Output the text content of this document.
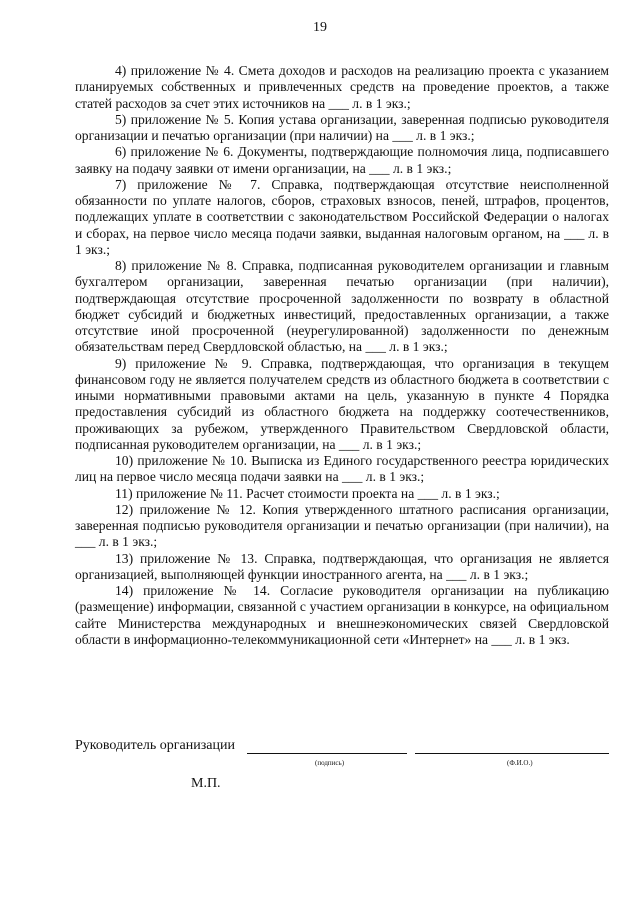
19

4) приложение № 4. Смета доходов и расходов на реализацию проекта с указанием планируемых собственных и привлеченных средств на проведение проектов, а также статей расходов за счет этих источников на ___ л. в 1 экз.;

5) приложение № 5. Копия устава организации, заверенная подписью руководителя организации и печатью организации (при наличии) на ___ л. в 1 экз.;

6) приложение № 6. Документы, подтверждающие полномочия лица, подписавшего заявку на подачу заявки от имени организации, на ___ л. в 1 экз.;

7) приложение № 7. Справка, подтверждающая отсутствие неисполненной обязанности по уплате налогов, сборов, страховых взносов, пеней, штрафов, процентов, подлежащих уплате в соответствии с законодательством Российской Федерации о налогах и сборах, на первое число месяца подачи заявки, выданная налоговым органом, на ___ л. в 1 экз.;

8) приложение № 8. Справка, подписанная руководителем организации и главным бухгалтером организации, заверенная печатью организации (при наличии), подтверждающая отсутствие просроченной задолженности по возврату в областной бюджет субсидий и бюджетных инвестиций, предоставленных организации, а также отсутствие иной просроченной (неурегулированной) задолженности по денежным обязательствам перед Свердловской областью, на ___ л. в 1 экз.;

9) приложение № 9. Справка, подтверждающая, что организация в текущем финансовом году не является получателем средств из областного бюджета в соответствии с иными нормативными правовыми актами на цель, указанную в пункте 4 Порядка предоставления субсидий из областного бюджета на поддержку соотечественников, проживающих за рубежом, утвержденного Правительством Свердловской области, подписанная руководителем организации, на ___ л. в 1 экз.;

10) приложение № 10. Выписка из Единого государственного реестра юридических лиц на первое число месяца подачи заявки на ___ л. в 1 экз.;

11) приложение № 11. Расчет стоимости проекта на ___ л. в 1 экз.;

12) приложение № 12. Копия утвержденного штатного расписания организации, заверенная подписью руководителя организации и печатью организации (при наличии), на ___ л. в 1 экз.;

13) приложение № 13. Справка, подтверждающая, что организация не является организацией, выполняющей функции иностранного агента, на ___ л. в 1 экз.;

14) приложение № 14. Согласие руководителя организации на публикацию (размещение) информации, связанной с участием организации в конкурсе, на официальном сайте Министерства международных и внешнеэкономических связей Свердловской области в информационно-телекоммуникационной сети «Интернет» на ___ л. в 1 экз.

Руководитель организации
(подпись)	(Ф.И.О.)
М.П.
